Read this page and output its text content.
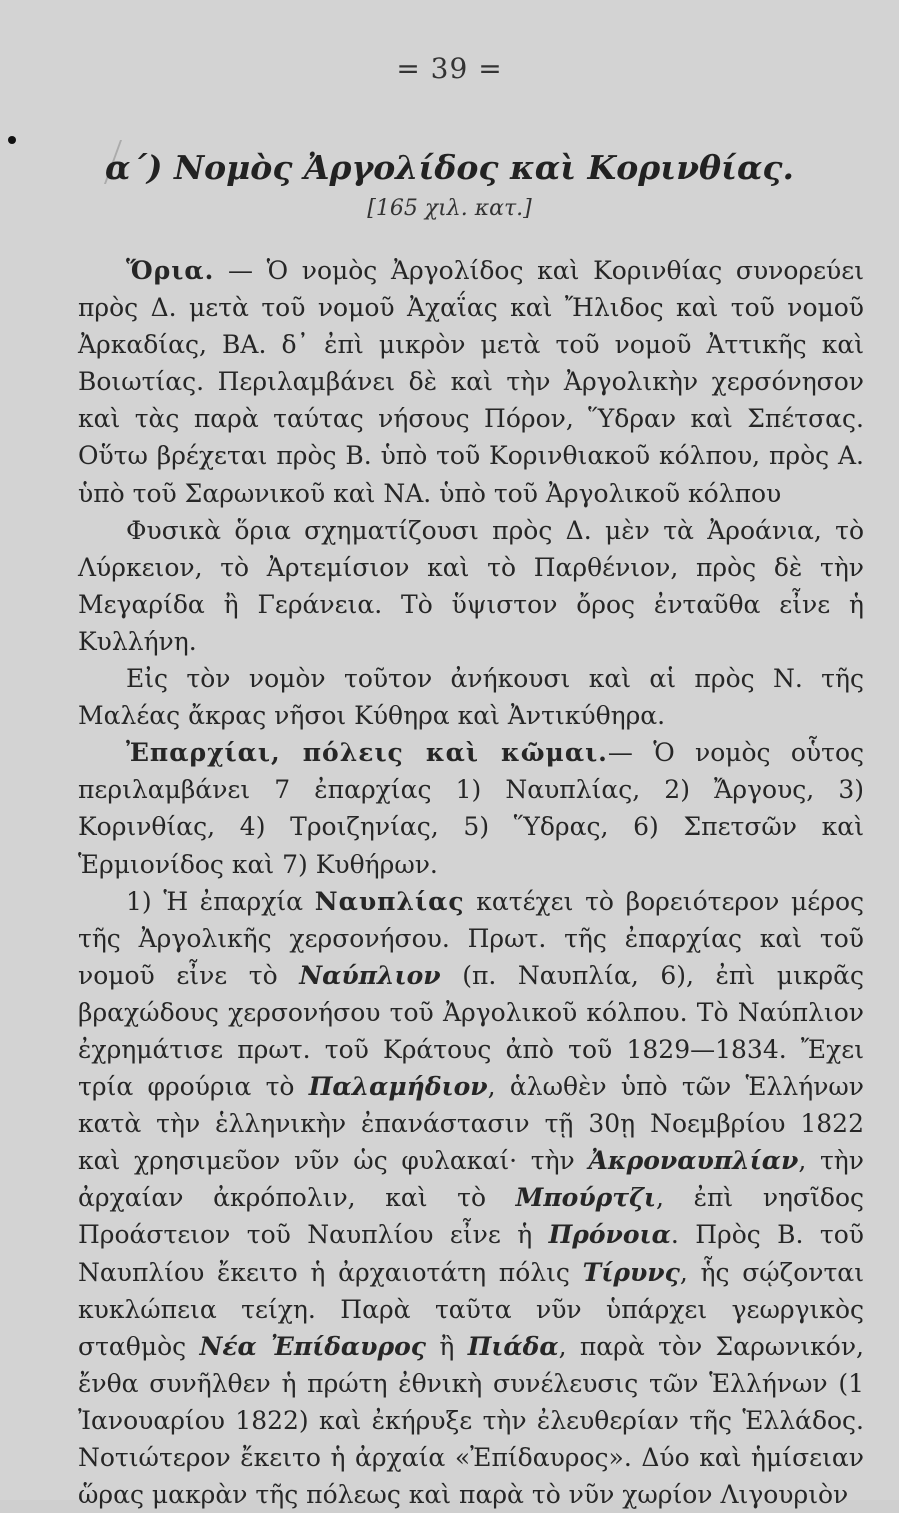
= 39 =
α΄) Νομὸς Ἀργολίδος καὶ Κορινθίας.
[165 χιλ. κατ.]

Ὅρια. — Ὁ νομὸς Ἀργολίδος καὶ Κορινθίας συνορεύει πρὸς Δ. μετὰ τοῦ νομοῦ Ἀχαΐας καὶ Ἤλιδος καὶ τοῦ νομοῦ Ἀρκαδίας, ΒΑ. δ᾽ ἐπὶ μικρὸν μετὰ τοῦ νομοῦ Ἀττικῆς καὶ Βοιωτίας. Περιλαμβάνει δὲ καὶ τὴν Ἀργολικὴν χερσόνησον καὶ τὰς παρὰ ταύτας νήσους Πόρον, Ὕδραν καὶ Σπέτσας. Οὕτω βρέχεται πρὸς Β. ὑπὸ τοῦ Κορινθιακοῦ κόλπου, πρὸς Α. ὑπὸ τοῦ Σαρωνικοῦ καὶ ΝΑ. ὑπὸ τοῦ Ἀργολικοῦ κόλπου

Φυσικὰ ὅρια σχηματίζουσι πρὸς Δ. μὲν τὰ Ἀροάνια, τὸ Λύρκειον, τὸ Ἀρτεμίσιον καὶ τὸ Παρθένιον, πρὸς δὲ τὴν Μεγαρίδα ἢ Γεράνεια. Τὸ ὕψιστον ὄρος ἐνταῦθα εἶνε ἡ Κυλλήνη.

Εἰς τὸν νομὸν τοῦτον ἀνήκουσι καὶ αἱ πρὸς Ν. τῆς Μαλέας ἄκρας νῆσοι Κύθηρα καὶ Ἀντικύθηρα.

Ἐπαρχίαι, πόλεις καὶ κῶμαι.— Ὁ νομὸς οὗτος περιλαμβάνει 7 ἐπαρχίας 1) Ναυπλίας, 2) Ἄργους, 3) Κορινθίας, 4) Τροιζηνίας, 5) Ὕδρας, 6) Σπετσῶν καὶ Ἑρμιονίδος καὶ 7) Κυθήρων.

1) Ἡ ἐπαρχία Ναυπλίας κατέχει τὸ βορειότερον μέρος τῆς Ἀργολικῆς χερσονήσου. Πρωτ. τῆς ἐπαρχίας καὶ τοῦ νομοῦ εἶνε τὸ Ναύπλιον (π. Ναυπλία, 6), ἐπὶ μικρᾶς βραχώδους χερσονήσου τοῦ Ἀργολικοῦ κόλπου. Τὸ Ναύπλιον ἐχρημάτισε πρωτ. τοῦ Κράτους ἀπὸ τοῦ 1829—1834. Ἔχει τρία φρούρια τὸ Παλαμήδιον, ἁλωθὲν ὑπὸ τῶν Ἑλλήνων κατὰ τὴν ἑλληνικὴν ἐπανάστασιν τῇ 30ῃ Νοεμβρίου 1822 καὶ χρησιμεῦον νῦν ὡς φυλακαί· τὴν Ἀκροναυπλίαν, τὴν ἀρχαίαν ἀκρόπολιν, καὶ τὸ Μπούρτζι, ἐπὶ νησῖδος Προάστειον τοῦ Ναυπλίου εἶνε ἡ Πρόνοια. Πρὸς Β. τοῦ Ναυπλίου ἔκειτο ἡ ἀρχαιοτάτη πόλις Τίρυνς, ἧς σῴζονται κυκλώπεια τείχη. Παρὰ ταῦτα νῦν ὑπάρχει γεωργικὸς σταθμὸς Νέα Ἐπίδαυρος ἢ Πιάδα, παρὰ τὸν Σαρωνικόν, ἔνθα συνῆλθεν ἡ πρώτη ἐθνικὴ συνέλευσις τῶν Ἑλλήνων (1 Ἰανουαρίου 1822) καὶ ἐκήρυξε τὴν ἐλευθερίαν τῆς Ἑλλάδος. Νοτιώτερον ἔκειτο ἡ ἀρχαία «Ἐπίδαυρος». Δύο καὶ ἡμίσειαν ὥρας μακρὰν τῆς πόλεως καὶ παρὰ τὸ νῦν χωρίον Λιγουριὸν
